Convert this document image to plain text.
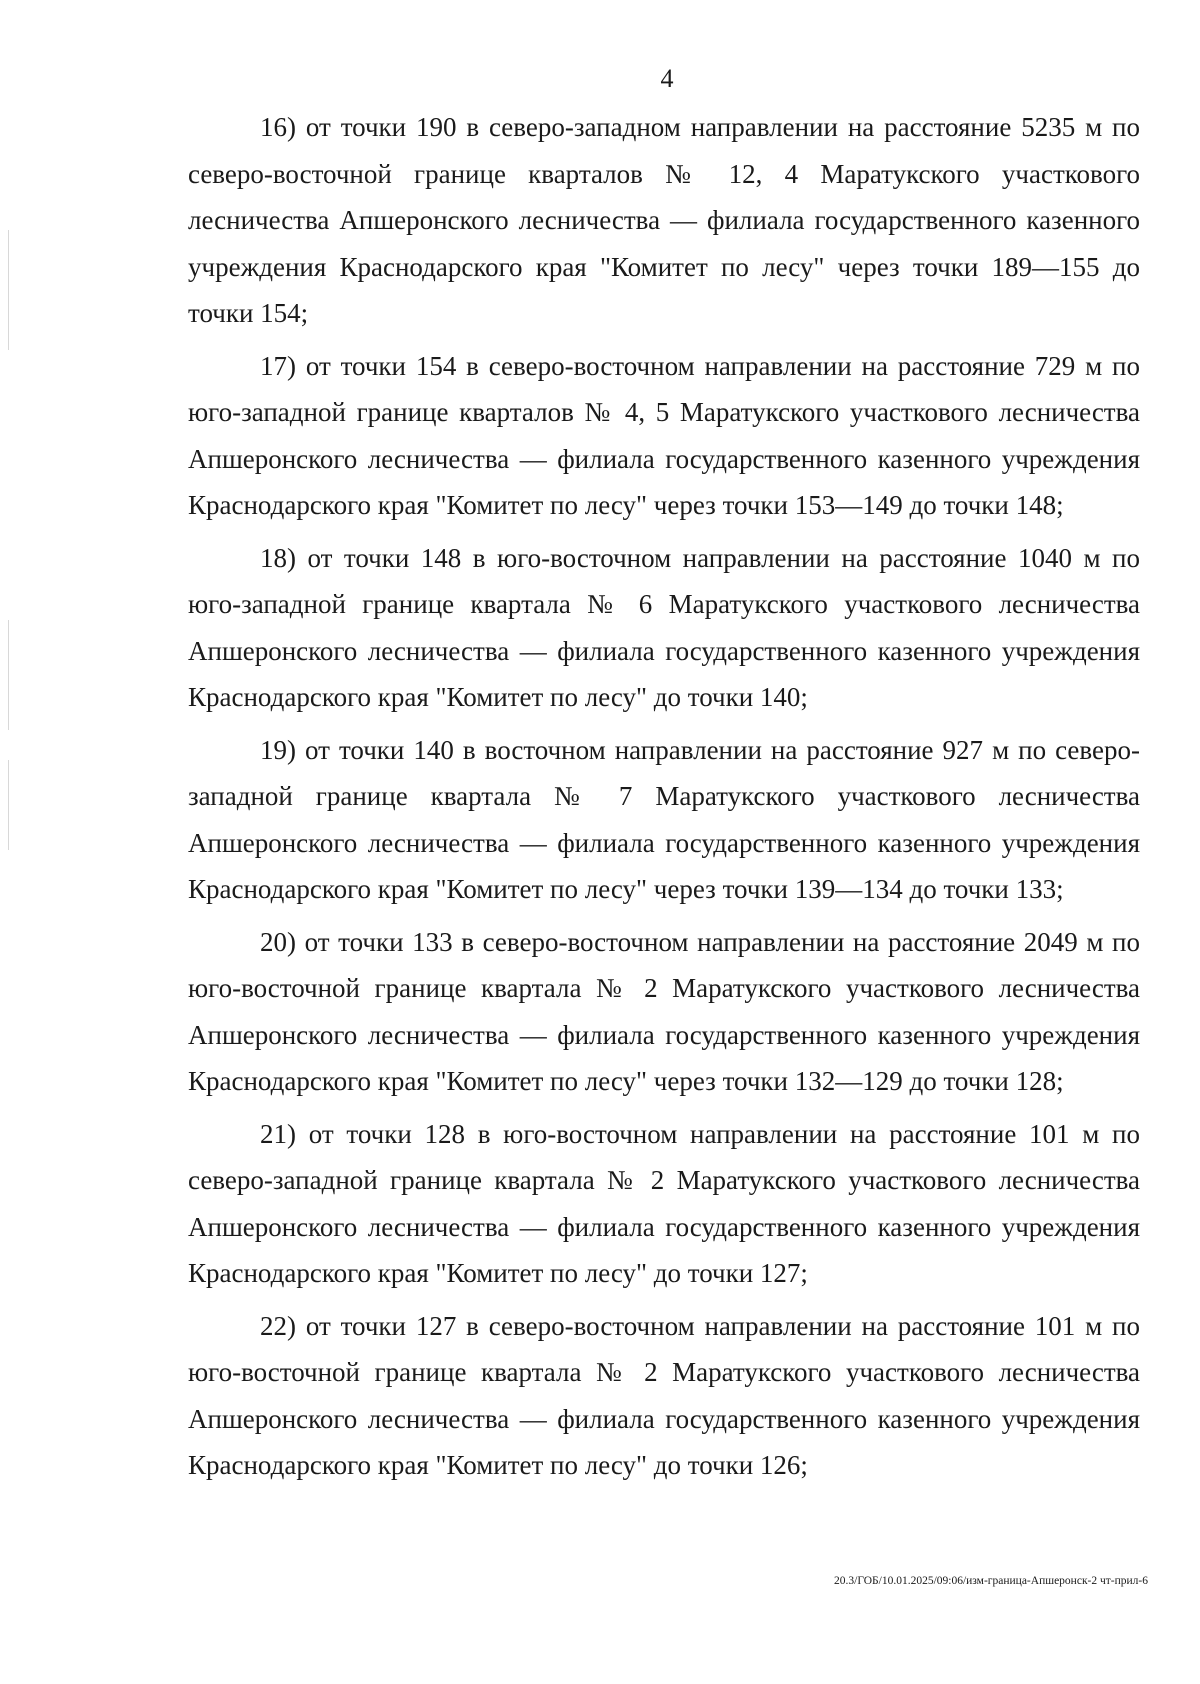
4

16) от точки 190 в северо-западном направлении на расстояние 5235 м по северо-восточной границе кварталов № 12, 4 Маратукского участкового лесничества Апшеронского лесничества — филиала государственного казенного учреждения Краснодарского края "Комитет по лесу" через точки 189—155 до точки 154;

17) от точки 154 в северо-восточном направлении на расстояние 729 м по юго-западной границе кварталов № 4, 5 Маратукского участкового лесничества Апшеронского лесничества — филиала государственного казенного учреждения Краснодарского края "Комитет по лесу" через точки 153—149 до точки 148;

18) от точки 148 в юго-восточном направлении на расстояние 1040 м по юго-западной границе квартала № 6 Маратукского участкового лесничества Апшеронского лесничества — филиала государственного казенного учреждения Краснодарского края "Комитет по лесу" до точки 140;

19) от точки 140 в восточном направлении на расстояние 927 м по северо-западной границе квартала № 7 Маратукского участкового лесничества Апшеронского лесничества — филиала государственного казенного учреждения Краснодарского края "Комитет по лесу" через точки 139—134 до точки 133;

20) от точки 133 в северо-восточном направлении на расстояние 2049 м по юго-восточной границе квартала № 2 Маратукского участкового лесничества Апшеронского лесничества — филиала государственного казенного учреждения Краснодарского края "Комитет по лесу" через точки 132—129 до точки 128;

21) от точки 128 в юго-восточном направлении на расстояние 101 м по северо-западной границе квартала № 2 Маратукского участкового лесничества Апшеронского лесничества — филиала государственного казенного учреждения Краснодарского края "Комитет по лесу" до точки 127;

22) от точки 127 в северо-восточном направлении на расстояние 101 м по юго-восточной границе квартала № 2 Маратукского участкового лесничества Апшеронского лесничества — филиала государственного казенного учреждения Краснодарского края "Комитет по лесу" до точки 126;

20.3/ГОБ/10.01.2025/09:06/изм-граница-Апшеронск-2 чт-прил-6
